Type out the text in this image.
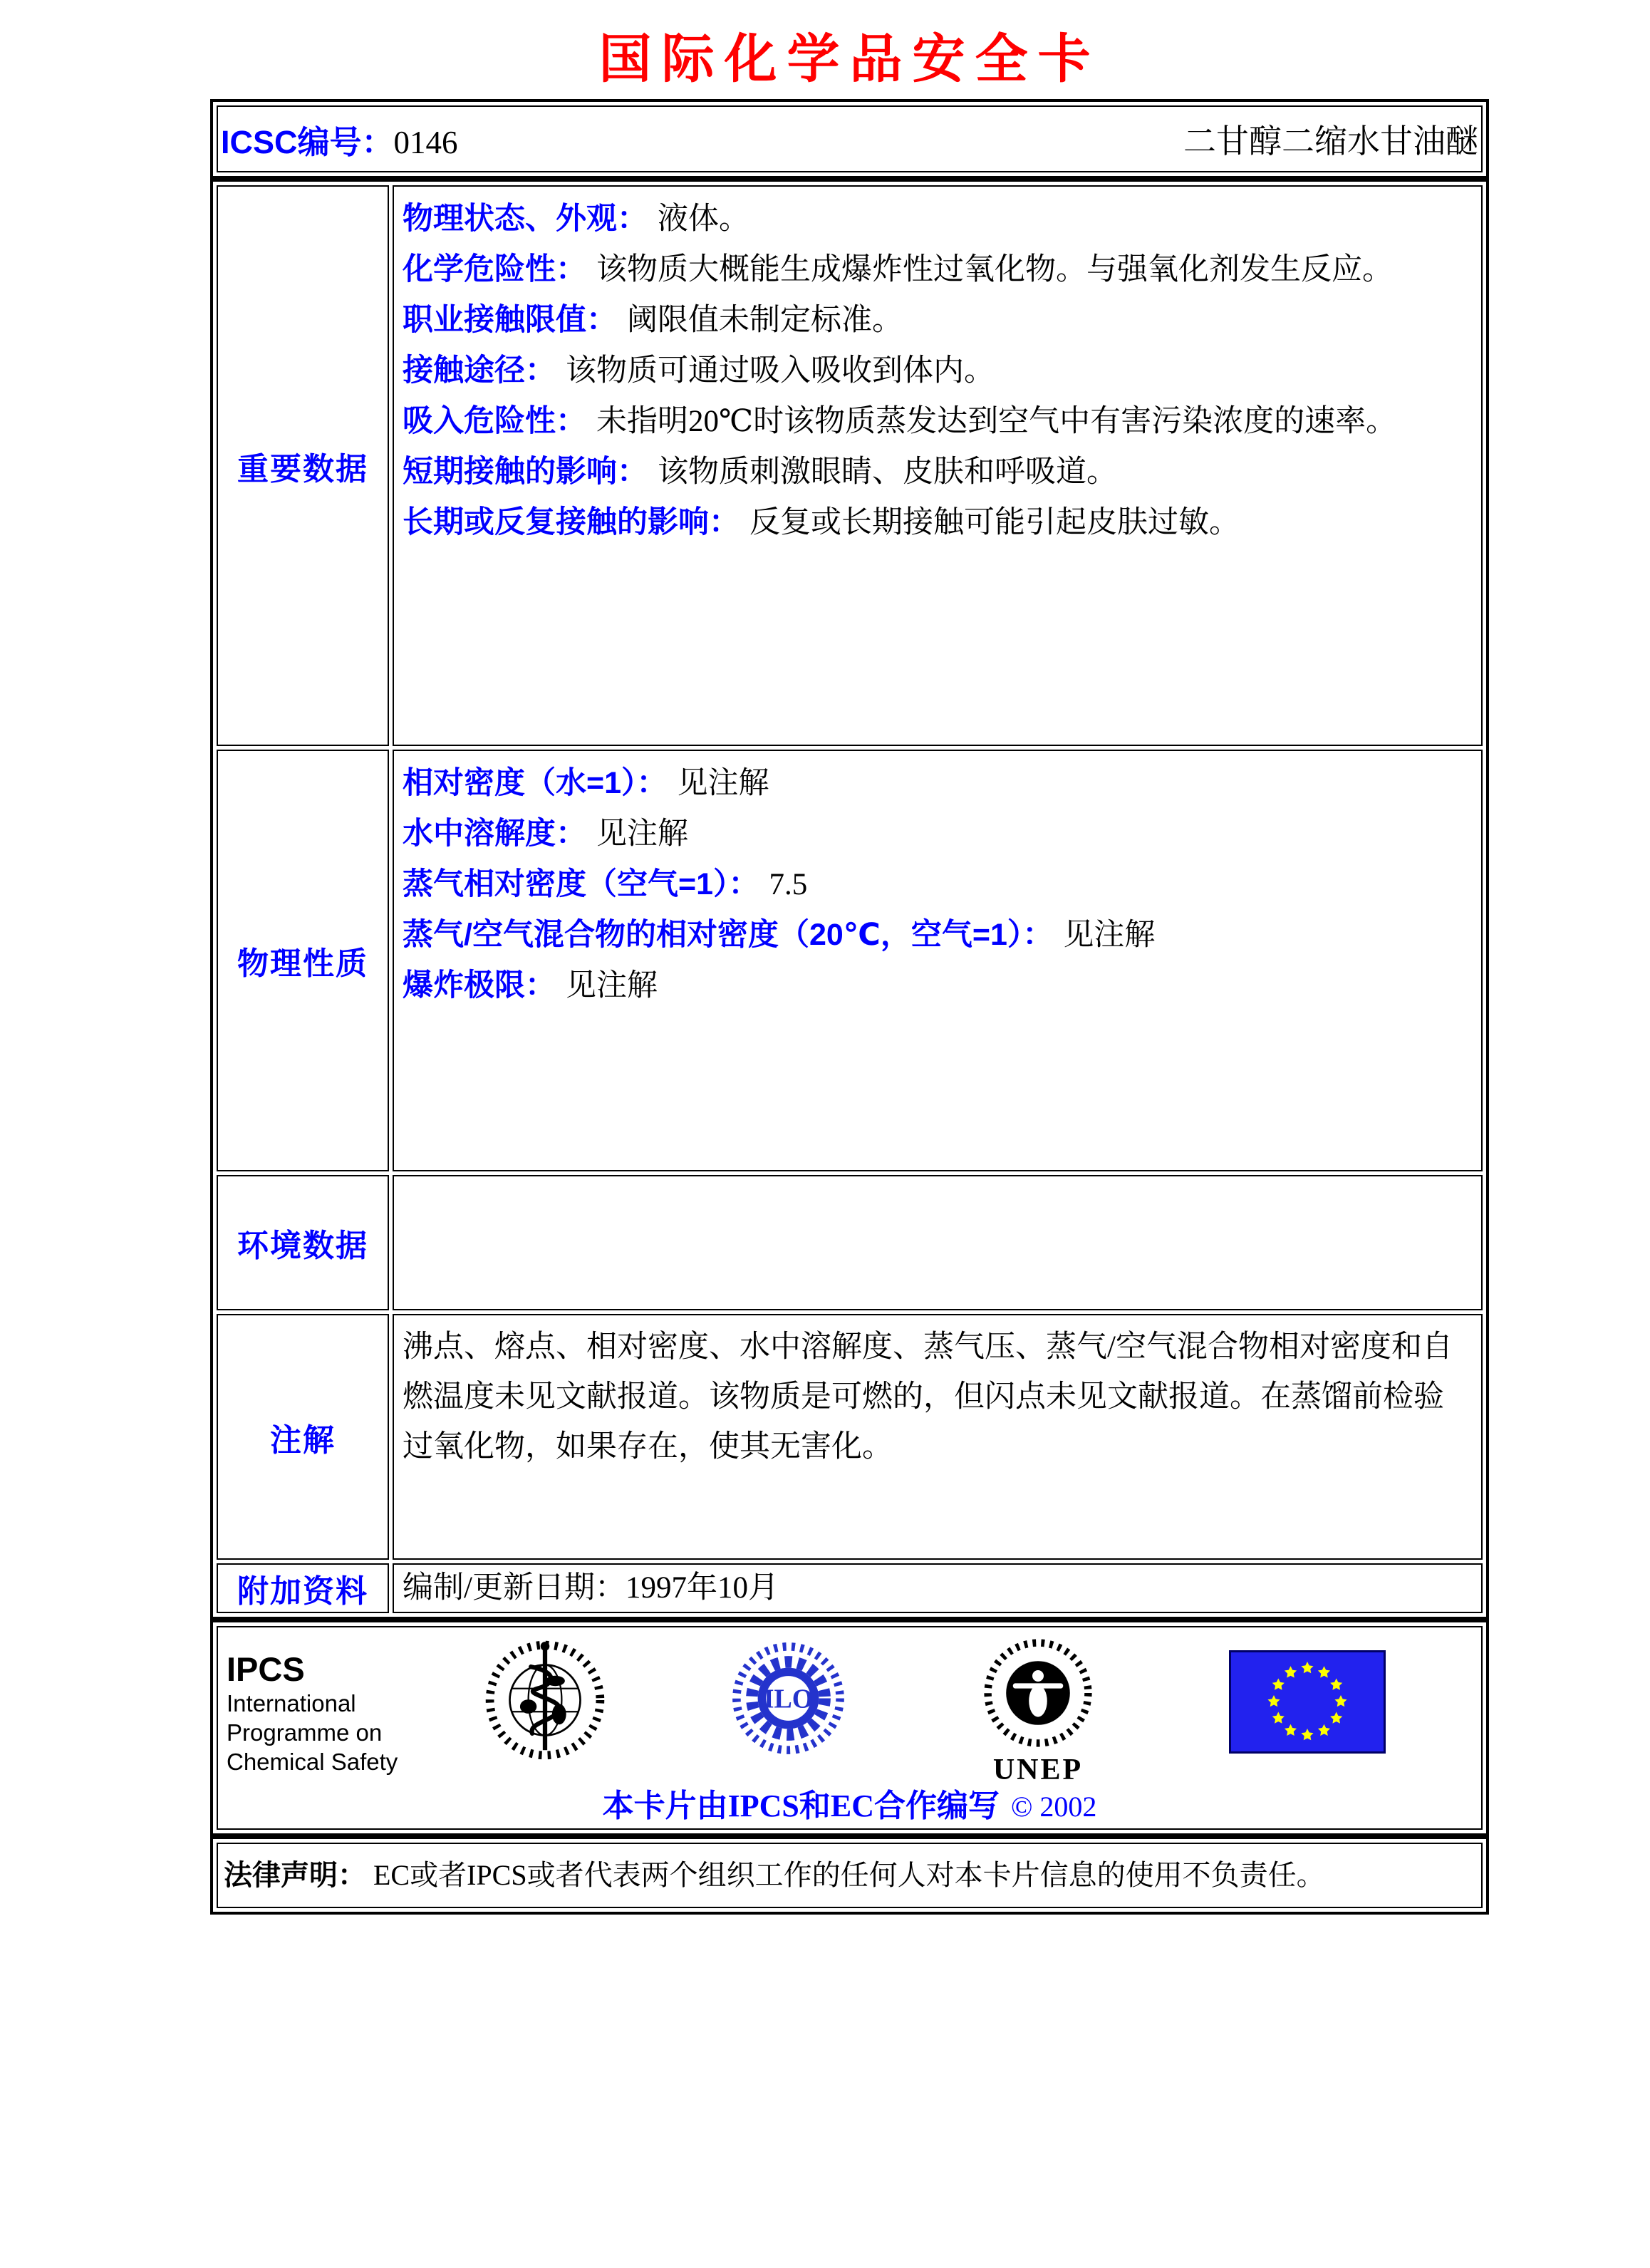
国际化学品安全卡
ICSC编号：0146	二甘醇二缩水甘油醚
重要数据	
物理状态、外观： 液体。
化学危险性： 该物质大概能生成爆炸性过氧化物。与强氧化剂发生反应。
职业接触限值： 阈限值未制定标准。
接触途径： 该物质可通过吸入吸收到体内。
吸入危险性： 未指明20℃时该物质蒸发达到空气中有害污染浓度的速率。
短期接触的影响： 该物质刺激眼睛、皮肤和呼吸道。
长期或反复接触的影响： 反复或长期接触可能引起皮肤过敏。

物理性质	相对密度（水=1）： 见注解
水中溶解度： 见注解
蒸气相对密度（空气=1）： 7.5
蒸气/空气混合物的相对密度（20℃，空气=1）： 见注解
爆炸极限： 见注解

环境数据	
注解	沸点、熔点、相对密度、水中溶解度、蒸气压、蒸气/空气混合物相对密度和自燃温度未见文献报道。该物质是可燃的，但闪点未见文献报道。在蒸馏前检验过氧化物，如果存在，使其无害化。
附加资料	编制/更新日期：1997年10月
IPCS
International
Programme on
Chemical Safety
ILO
UNEP
本卡片由IPCS和EC合作编写 © 2002
法律声明： EC或者IPCS或者代表两个组织工作的任何人对本卡片信息的使用不负责任。
